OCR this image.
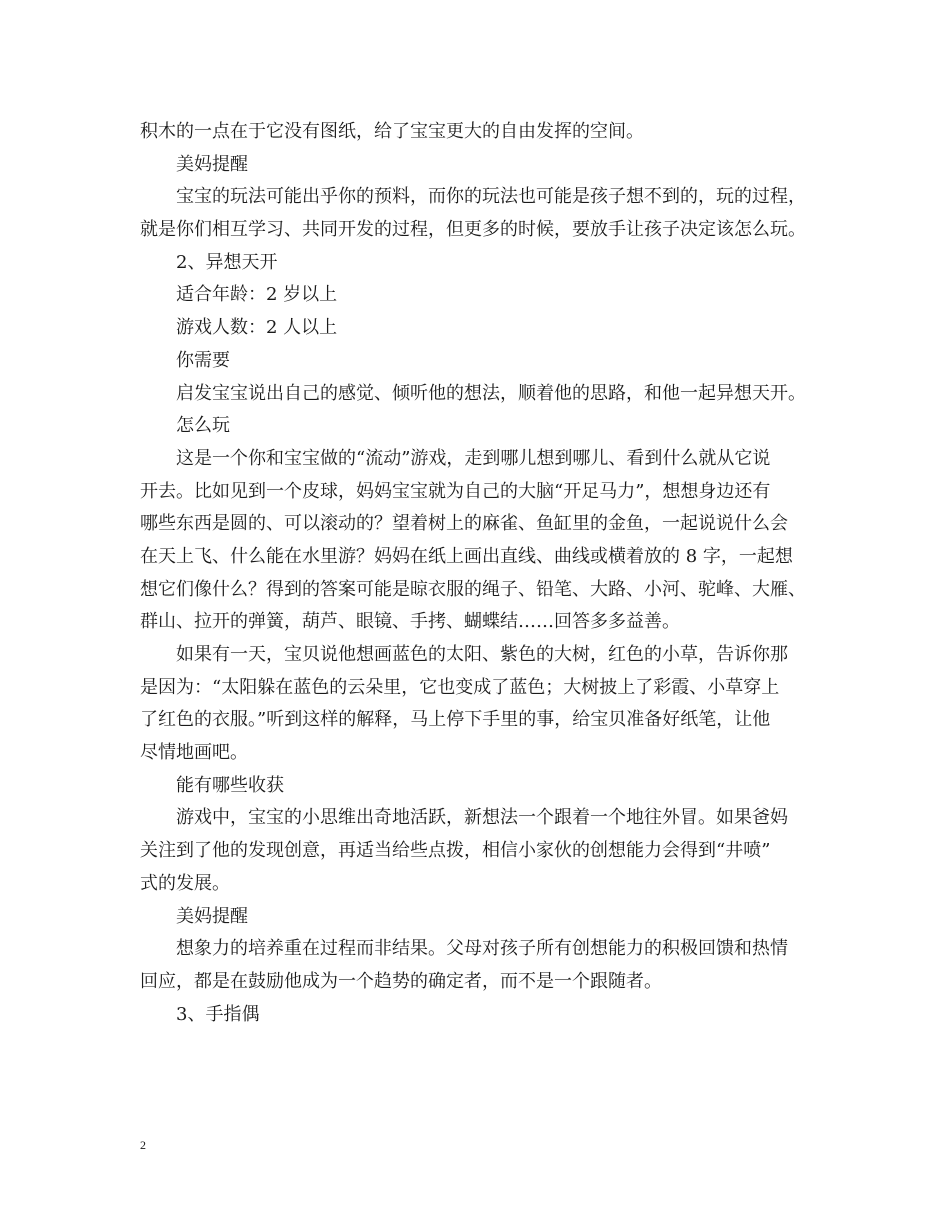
积木的一点在于它没有图纸，给了宝宝更大的自由发挥的空间。
美妈提醒
宝宝的玩法可能出乎你的预料，而你的玩法也可能是孩子想不到的，玩的过程，
就是你们相互学习、共同开发的过程，但更多的时候，要放手让孩子决定该怎么玩。
2、异想天开
适合年龄：2 岁以上
游戏人数：2 人以上
你需要
启发宝宝说出自己的感觉、倾听他的想法，顺着他的思路，和他一起异想天开。
怎么玩
这是一个你和宝宝做的“流动”游戏，走到哪儿想到哪儿、看到什么就从它说
开去。比如见到一个皮球，妈妈宝宝就为自己的大脑“开足马力”，想想身边还有
哪些东西是圆的、可以滚动的？望着树上的麻雀、鱼缸里的金鱼，一起说说什么会
在天上飞、什么能在水里游？妈妈在纸上画出直线、曲线或横着放的 8 字，一起想
想它们像什么？得到的答案可能是晾衣服的绳子、铅笔、大路、小河、驼峰、大雁、
群山、拉开的弹簧，葫芦、眼镜、手拷、蝴蝶结……回答多多益善。
如果有一天，宝贝说他想画蓝色的太阳、紫色的大树，红色的小草，告诉你那
是因为：“太阳躲在蓝色的云朵里，它也变成了蓝色；大树披上了彩霞、小草穿上
了红色的衣服。”听到这样的解释，马上停下手里的事，给宝贝准备好纸笔，让他
尽情地画吧。
能有哪些收获
游戏中，宝宝的小思维出奇地活跃，新想法一个跟着一个地往外冒。如果爸妈
关注到了他的发现创意，再适当给些点拨，相信小家伙的创想能力会得到“井喷”
式的发展。
美妈提醒
想象力的培养重在过程而非结果。父母对孩子所有创想能力的积极回馈和热情
回应，都是在鼓励他成为一个趋势的确定者，而不是一个跟随者。
3、手指偶
2
